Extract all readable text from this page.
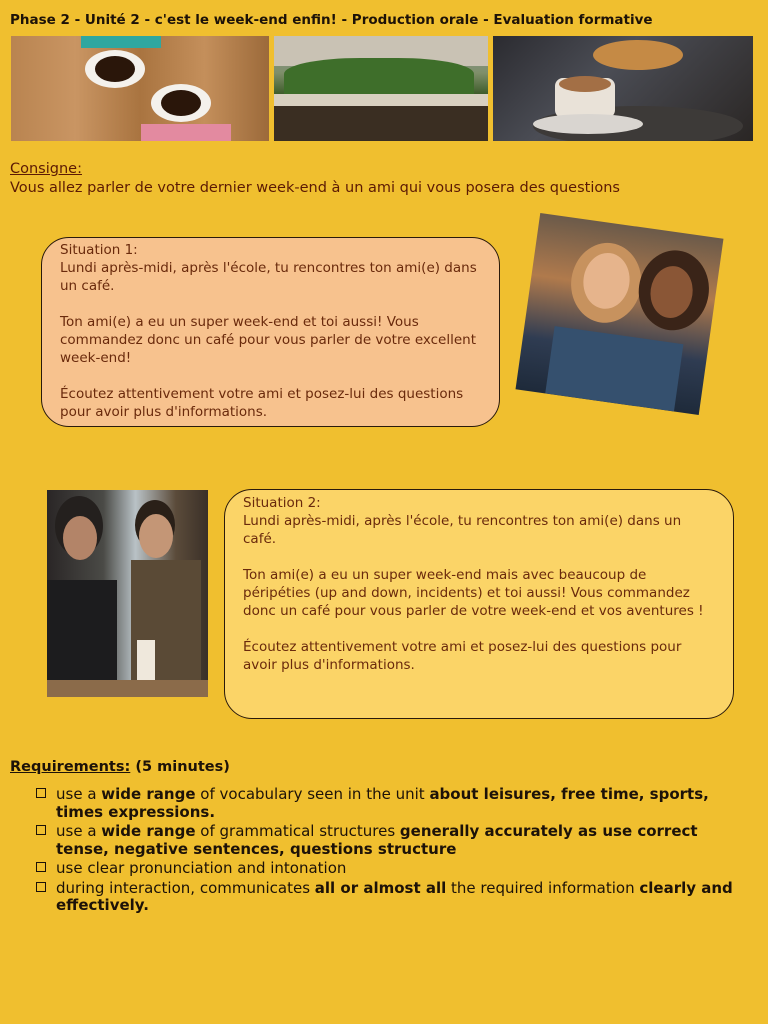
Phase 2 - Unité 2 - c'est le week-end enfin! - Production orale - Evaluation formative
Consigne:
Vous allez parler de votre dernier week-end à un ami qui vous posera des questions

Situation 1:

Lundi après-midi, après l'école, tu rencontres ton ami(e) dans un café.

Ton ami(e) a eu un super week-end et toi aussi! Vous commandez donc un café pour vous parler de votre excellent week-end!

Écoutez attentivement votre ami et posez-lui des questions pour avoir plus d'informations.

Situation 2:

Lundi après-midi, après l'école, tu rencontres ton ami(e) dans un café.

Ton ami(e) a eu un super week-end mais avec beaucoup de péripéties (up and down, incidents) et toi aussi! Vous commandez donc un café pour vous parler de votre week-end et vos aventures !

Écoutez attentivement votre ami et posez-lui des questions pour avoir plus d'informations.

Requirements: (5 minutes)
use a wide range of vocabulary seen in the unit about leisures, free time, sports, times expressions.
use a wide range of grammatical structures generally accurately as use correct tense, negative sentences, questions structure
use clear pronunciation and intonation
during interaction, communicates all or almost all the required information clearly and effectively.
